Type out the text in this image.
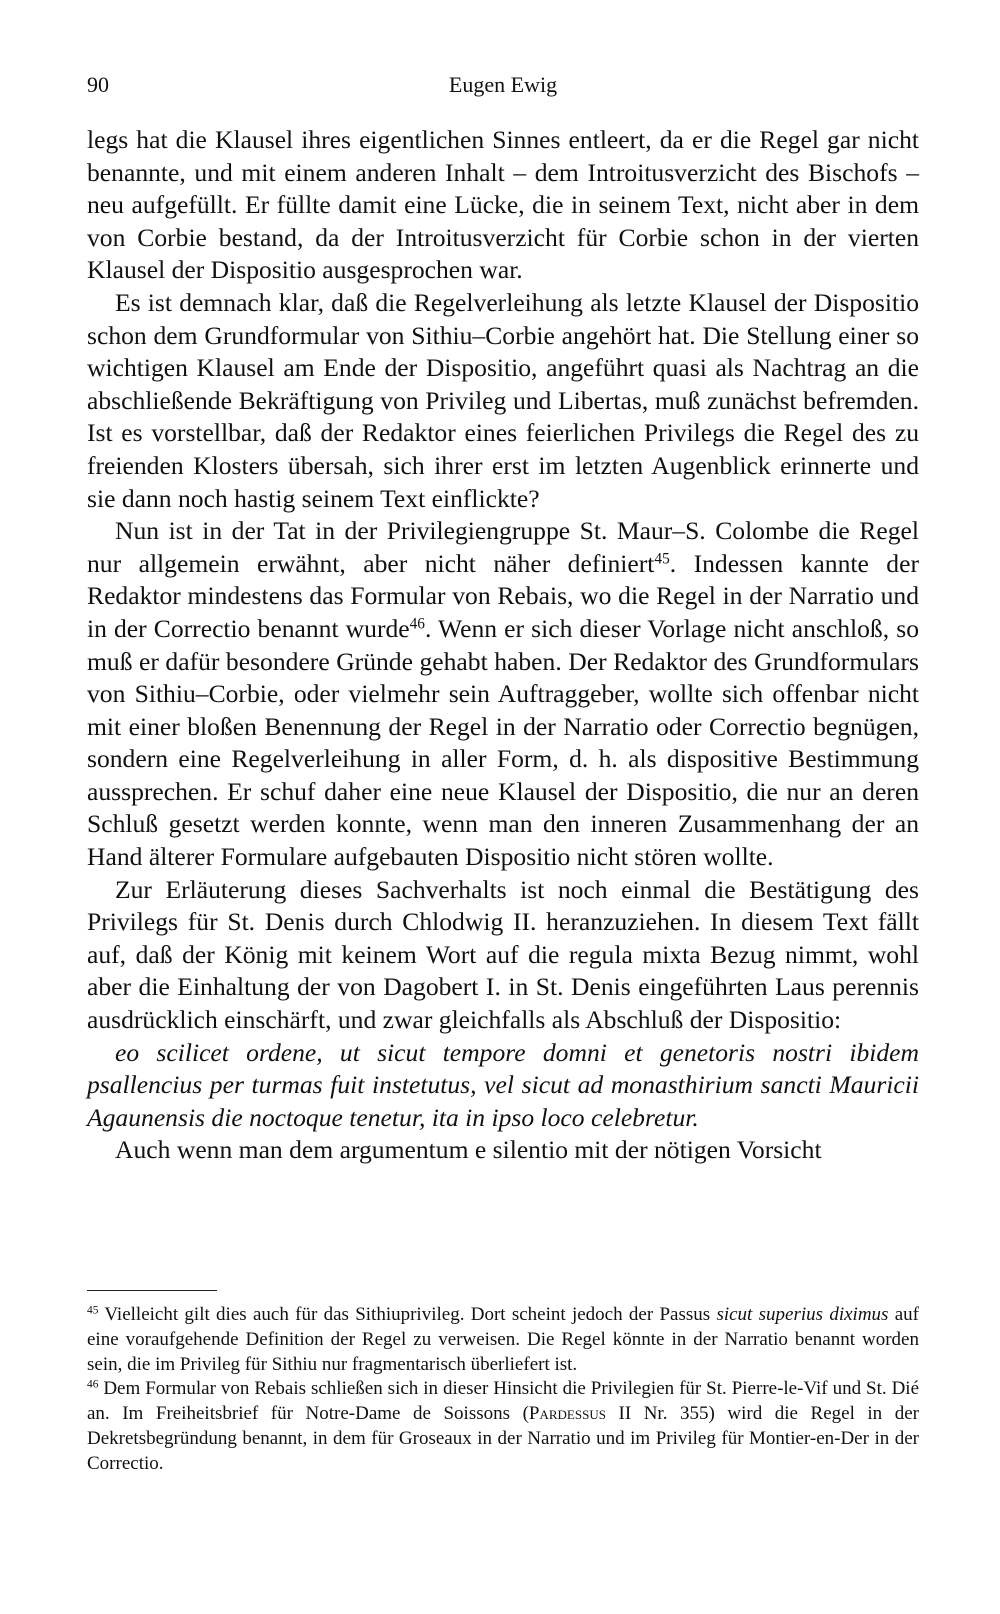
90	Eugen Ewig

legs hat die Klausel ihres eigentlichen Sinnes entleert, da er die Regel gar nicht benannte, und mit einem anderen Inhalt – dem Introitusverzicht des Bischofs – neu aufgefüllt. Er füllte damit eine Lücke, die in seinem Text, nicht aber in dem von Corbie bestand, da der Introitusverzicht für Corbie schon in der vierten Klausel der Dispositio ausgesprochen war.

Es ist demnach klar, daß die Regelverleihung als letzte Klausel der Dispositio schon dem Grundformular von Sithiu–Corbie angehört hat. Die Stellung einer so wichtigen Klausel am Ende der Dispositio, angeführt quasi als Nachtrag an die abschließende Bekräftigung von Privileg und Libertas, muß zunächst befremden. Ist es vorstellbar, daß der Redaktor eines feierlichen Privilegs die Regel des zu freienden Klosters übersah, sich ihrer erst im letzten Augenblick erinnerte und sie dann noch hastig seinem Text einflickte?

Nun ist in der Tat in der Privilegiengruppe St. Maur–S. Colombe die Regel nur allgemein erwähnt, aber nicht näher definiert$^{45}$. Indessen kannte der Redaktor mindestens das Formular von Rebais, wo die Regel in der Narratio und in der Correctio benannt wurde$^{46}$. Wenn er sich dieser Vorlage nicht anschloß, so muß er dafür besondere Gründe gehabt haben. Der Redaktor des Grundformulars von Sithiu–Corbie, oder vielmehr sein Auftraggeber, wollte sich offenbar nicht mit einer bloßen Benennung der Regel in der Narratio oder Correctio begnügen, sondern eine Regelverleihung in aller Form, d. h. als dispositive Bestimmung aussprechen. Er schuf daher eine neue Klausel der Dispositio, die nur an deren Schluß gesetzt werden konnte, wenn man den inneren Zusammenhang der an Hand älterer Formulare aufgebauten Dispositio nicht stören wollte.

Zur Erläuterung dieses Sachverhalts ist noch einmal die Bestätigung des Privilegs für St. Denis durch Chlodwig II. heranzuziehen. In diesem Text fällt auf, daß der König mit keinem Wort auf die regula mixta Bezug nimmt, wohl aber die Einhaltung der von Dagobert I. in St. Denis eingeführten Laus perennis ausdrücklich einschärft, und zwar gleichfalls als Abschluß der Dispositio:

eo scilicet ordene, ut sicut tempore domni et genetoris nostri ibidem psallencius per turmas fuit instetutus, vel sicut ad monasthirium sancti Mauricii Agaunensis die noctoque tenetur, ita in ipso loco celebretur.

Auch wenn man dem argumentum e silentio mit der nötigen Vorsicht

$^{45}$ Vielleicht gilt dies auch für das Sithiuprivileg. Dort scheint jedoch der Passus sicut superius diximus auf eine voraufgehende Definition der Regel zu verweisen. Die Regel könnte in der Narratio benannt worden sein, die im Privileg für Sithiu nur fragmentarisch überliefert ist.

$^{46}$ Dem Formular von Rebais schließen sich in dieser Hinsicht die Privilegien für St. Pierre-le-Vif und St. Dié an. Im Freiheitsbrief für Notre-Dame de Soissons (Pardessus II Nr. 355) wird die Regel in der Dekretsbegründung benannt, in dem für Groseaux in der Narratio und im Privileg für Montier-en-Der in der Correctio.
